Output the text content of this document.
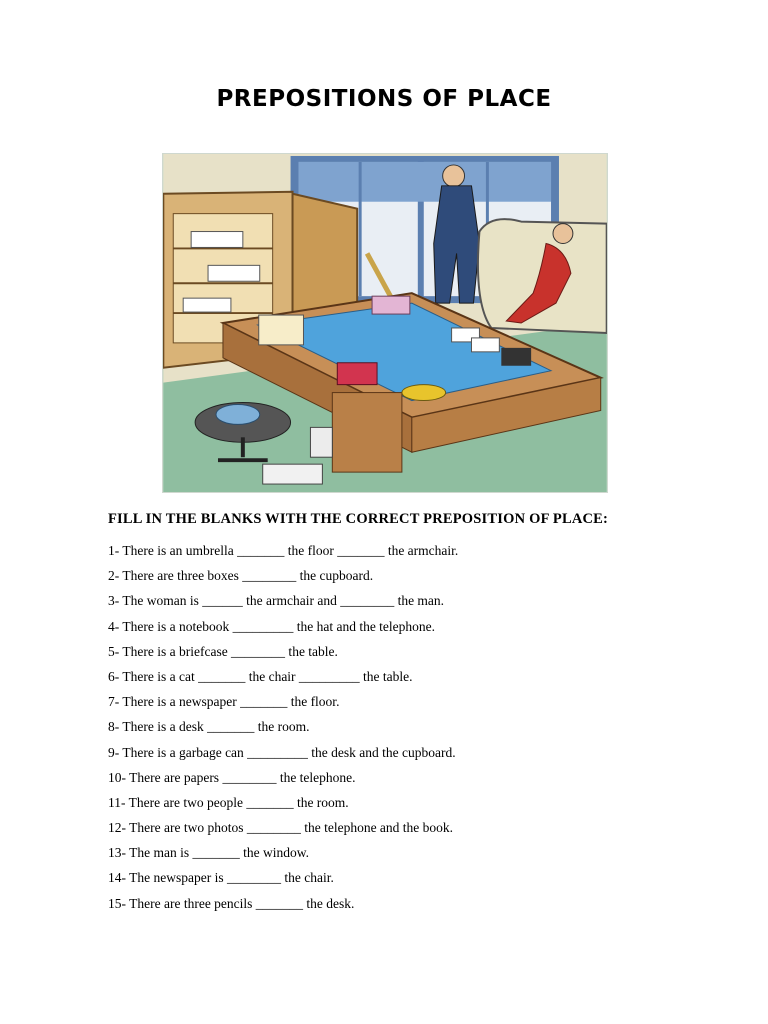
PREPOSITIONS OF PLACE

FILL IN THE BLANKS WITH THE CORRECT PREPOSITION OF PLACE:

1- There is an umbrella _______ the floor _______ the armchair.
2- There are three boxes ________ the cupboard.
3- The woman is ______ the armchair and ________ the man.
4- There is a notebook _________ the hat and the telephone.
5- There is a briefcase ________ the table.
6- There is a cat _______ the chair _________ the table.
7- There is a newspaper _______ the floor.
8- There is a desk _______ the room.
9- There is a garbage can _________ the desk and the cupboard.
10- There are papers ________ the telephone.
11- There are two people _______ the room.
12- There are two photos ________ the telephone and the book.
13- The man is _______ the window.
14- The newspaper is ________ the chair.
15- There are three pencils _______ the desk.
